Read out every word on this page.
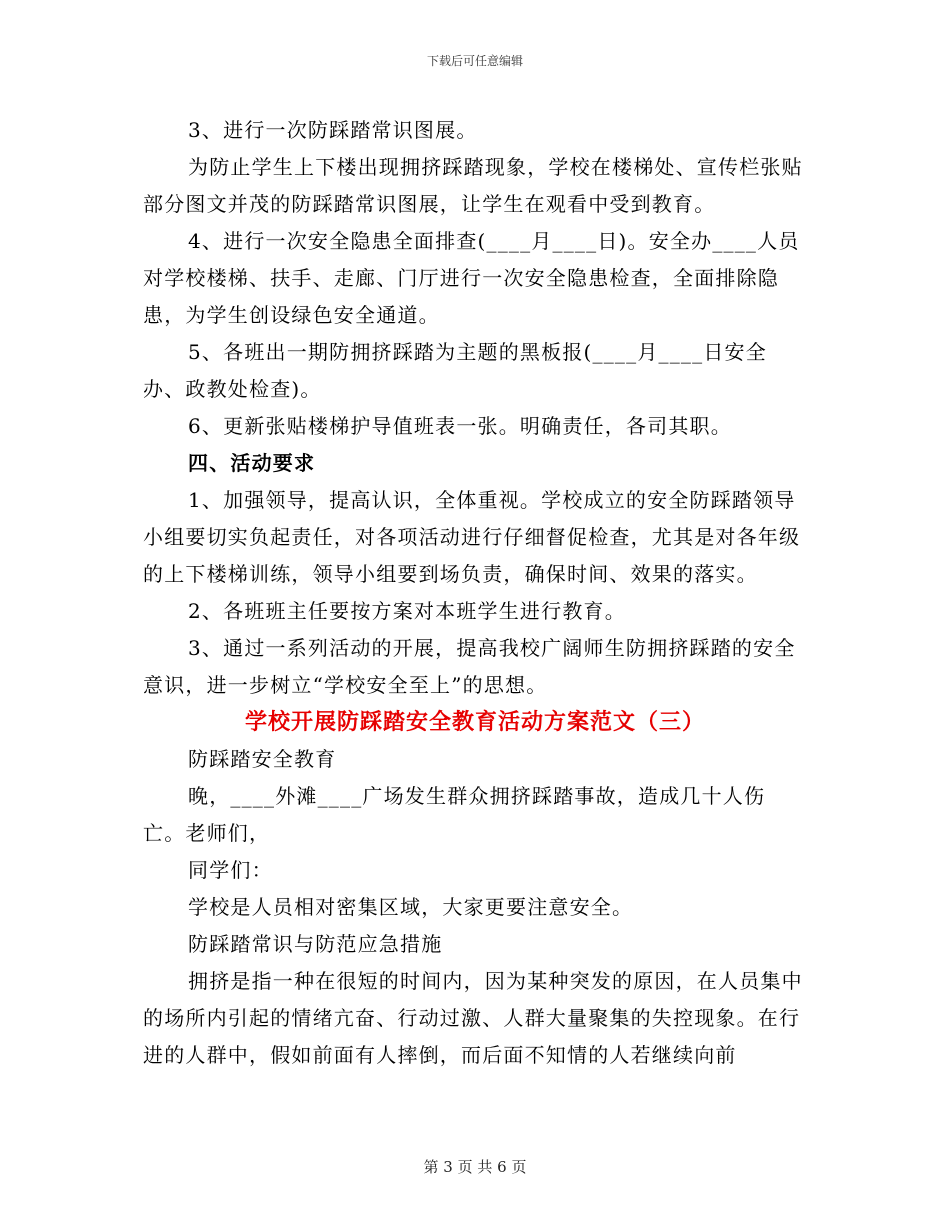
下载后可任意编辑

3、进行一次防踩踏常识图展。

为防止学生上下楼出现拥挤踩踏现象，学校在楼梯处、宣传栏张贴部分图文并茂的防踩踏常识图展，让学生在观看中受到教育。

4、进行一次安全隐患全面排查(____月____日)。安全办____人员对学校楼梯、扶手、走廊、门厅进行一次安全隐患检查，全面排除隐患，为学生创设绿色安全通道。

5、各班出一期防拥挤踩踏为主题的黑板报(____月____日安全办、政教处检查)。

6、更新张贴楼梯护导值班表一张。明确责任，各司其职。

四、活动要求

1、加强领导，提高认识，全体重视。学校成立的安全防踩踏领导小组要切实负起责任，对各项活动进行仔细督促检查，尤其是对各年级的上下楼梯训练，领导小组要到场负责，确保时间、效果的落实。

2、各班班主任要按方案对本班学生进行教育。

3、通过一系列活动的开展，提高我校广阔师生防拥挤踩踏的安全意识，进一步树立“学校安全至上”的思想。

学校开展防踩踏安全教育活动方案范文（三）

防踩踏安全教育

晚，____外滩____广场发生群众拥挤踩踏事故，造成几十人伤亡。老师们，

同学们：

学校是人员相对密集区域，大家更要注意安全。

防踩踏常识与防范应急措施

拥挤是指一种在很短的时间内，因为某种突发的原因，在人员集中的场所内引起的情绪亢奋、行动过激、人群大量聚集的失控现象。在行进的人群中，假如前面有人摔倒，而后面不知情的人若继续向前

第 3 页 共 6 页
